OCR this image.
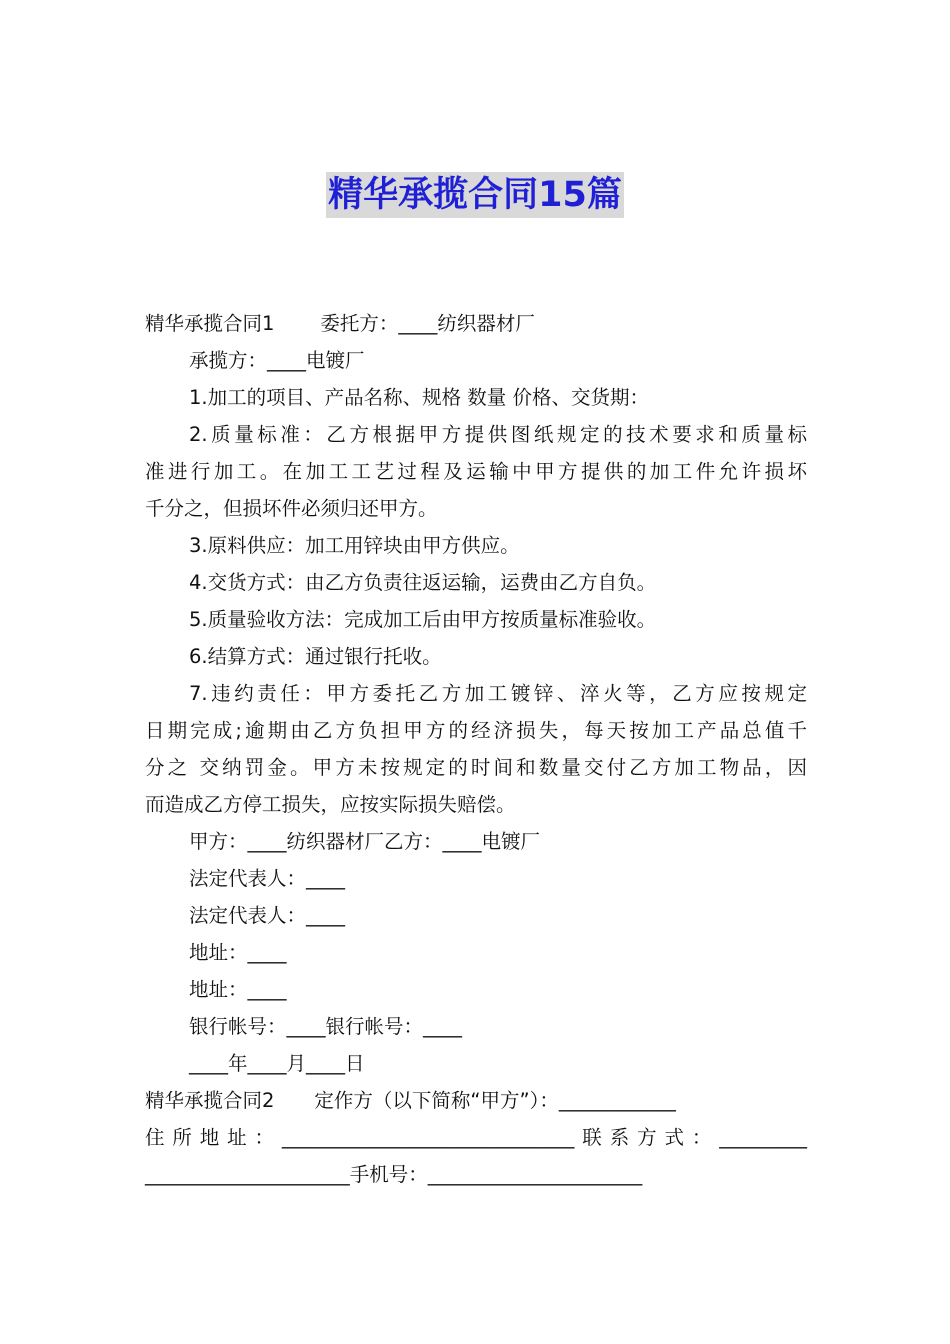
精华承揽合同15篇
精华承揽合同1 委托方：____纺织器材厂
承揽方：____电镀厂
1.加工的项目、产品名称、规格 数量 价格、交货期：
2.质量标准：乙方根据甲方提供图纸规定的技术要求和质量标
准进行加工。在加工工艺过程及运输中甲方提供的加工件允许损坏
千分之，但损坏件必须归还甲方。
3.原料供应：加工用锌块由甲方供应。
4.交货方式：由乙方负责往返运输，运费由乙方自负。
5.质量验收方法：完成加工后由甲方按质量标准验收。
6.结算方式：通过银行托收。
7.违约责任：甲方委托乙方加工镀锌、淬火等，乙方应按规定
日期完成;逾期由乙方负担甲方的经济损失，每天按加工产品总值千
分之 交纳罚金。甲方未按规定的时间和数量交付乙方加工物品，因
而造成乙方停工损失，应按实际损失赔偿。
甲方：____纺织器材厂乙方：____电镀厂
法定代表人：____
法定代表人：____
地址：____
地址：____
银行帐号：____银行帐号：____
____年____月____日
精华承揽合同2 定作方（以下简称“甲方”）：____________
住所地址：______________________________联系方式：_________
_____________________手机号：______________________
